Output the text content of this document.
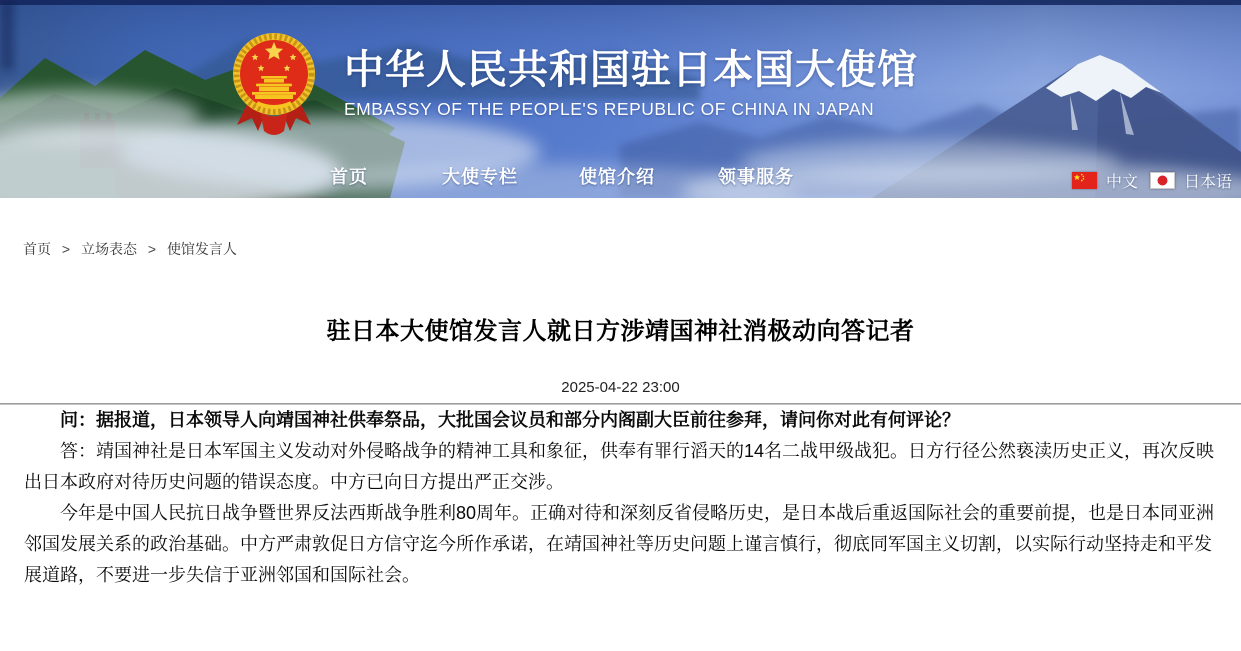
中华人民共和国驻日本国大使馆
EMBASSY OF THE PEOPLE'S REPUBLIC OF CHINA IN JAPAN
首页	大使专栏	使馆介绍	领事服务	中文	日本语
首页 > 立场表态 > 使馆发言人
驻日本大使馆发言人就日方涉靖国神社消极动向答记者
2025-04-22 23:00

问：据报道，日本领导人向靖国神社供奉祭品，大批国会议员和部分内阁副大臣前往参拜，请问你对此有何评论？

答：靖国神社是日本军国主义发动对外侵略战争的精神工具和象征，供奉有罪行滔天的14名二战甲级战犯。日方行径公然亵渎历史正义，再次反映出日本政府对待历史问题的错误态度。中方已向日方提出严正交涉。

今年是中国人民抗日战争暨世界反法西斯战争胜利80周年。正确对待和深刻反省侵略历史，是日本战后重返国际社会的重要前提，也是日本同亚洲邻国发展关系的政治基础。中方严肃敦促日方信守迄今所作承诺，在靖国神社等历史问题上谨言慎行，彻底同军国主义切割，以实际行动坚持走和平发展道路，不要进一步失信于亚洲邻国和国际社会。
